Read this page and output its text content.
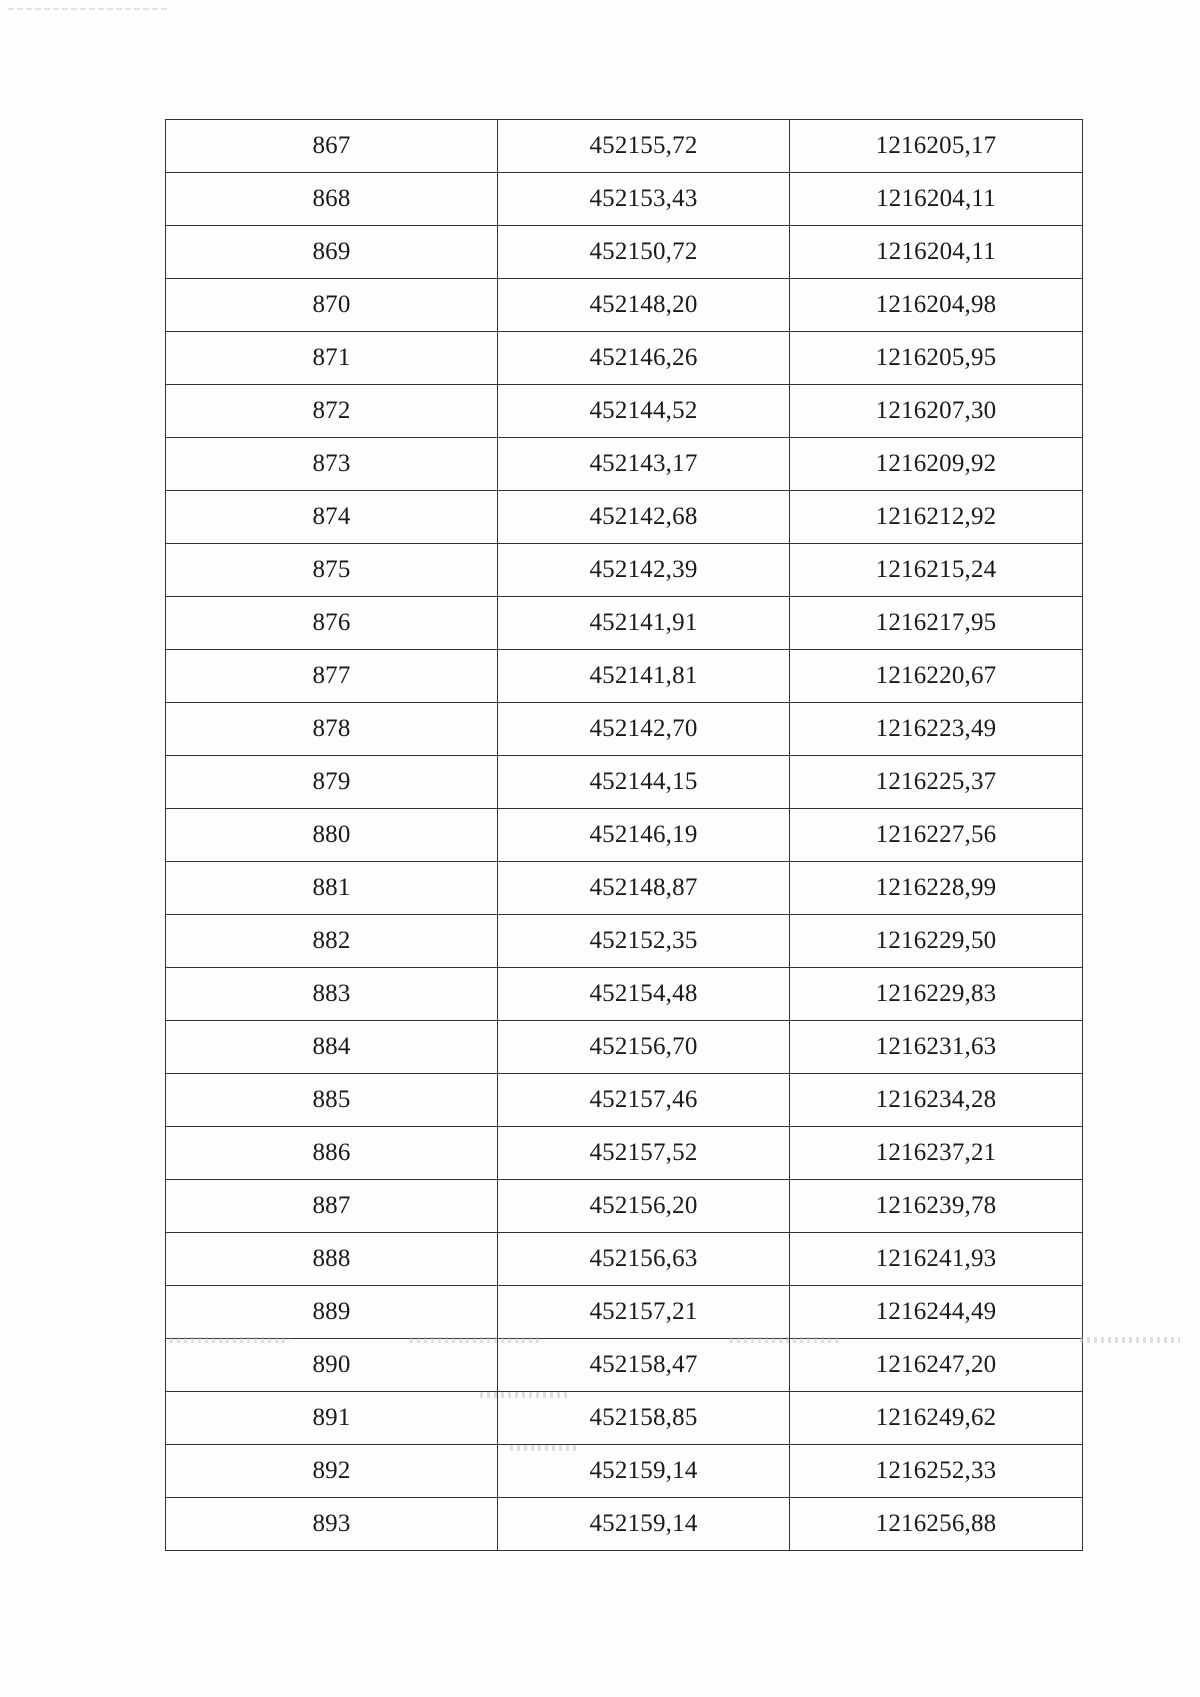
867	452155,72	1216205,17
868	452153,43	1216204,11
869	452150,72	1216204,11
870	452148,20	1216204,98
871	452146,26	1216205,95
872	452144,52	1216207,30
873	452143,17	1216209,92
874	452142,68	1216212,92
875	452142,39	1216215,24
876	452141,91	1216217,95
877	452141,81	1216220,67
878	452142,70	1216223,49
879	452144,15	1216225,37
880	452146,19	1216227,56
881	452148,87	1216228,99
882	452152,35	1216229,50
883	452154,48	1216229,83
884	452156,70	1216231,63
885	452157,46	1216234,28
886	452157,52	1216237,21
887	452156,20	1216239,78
888	452156,63	1216241,93
889	452157,21	1216244,49
890	452158,47	1216247,20
891	452158,85	1216249,62
892	452159,14	1216252,33
893	452159,14	1216256,88
